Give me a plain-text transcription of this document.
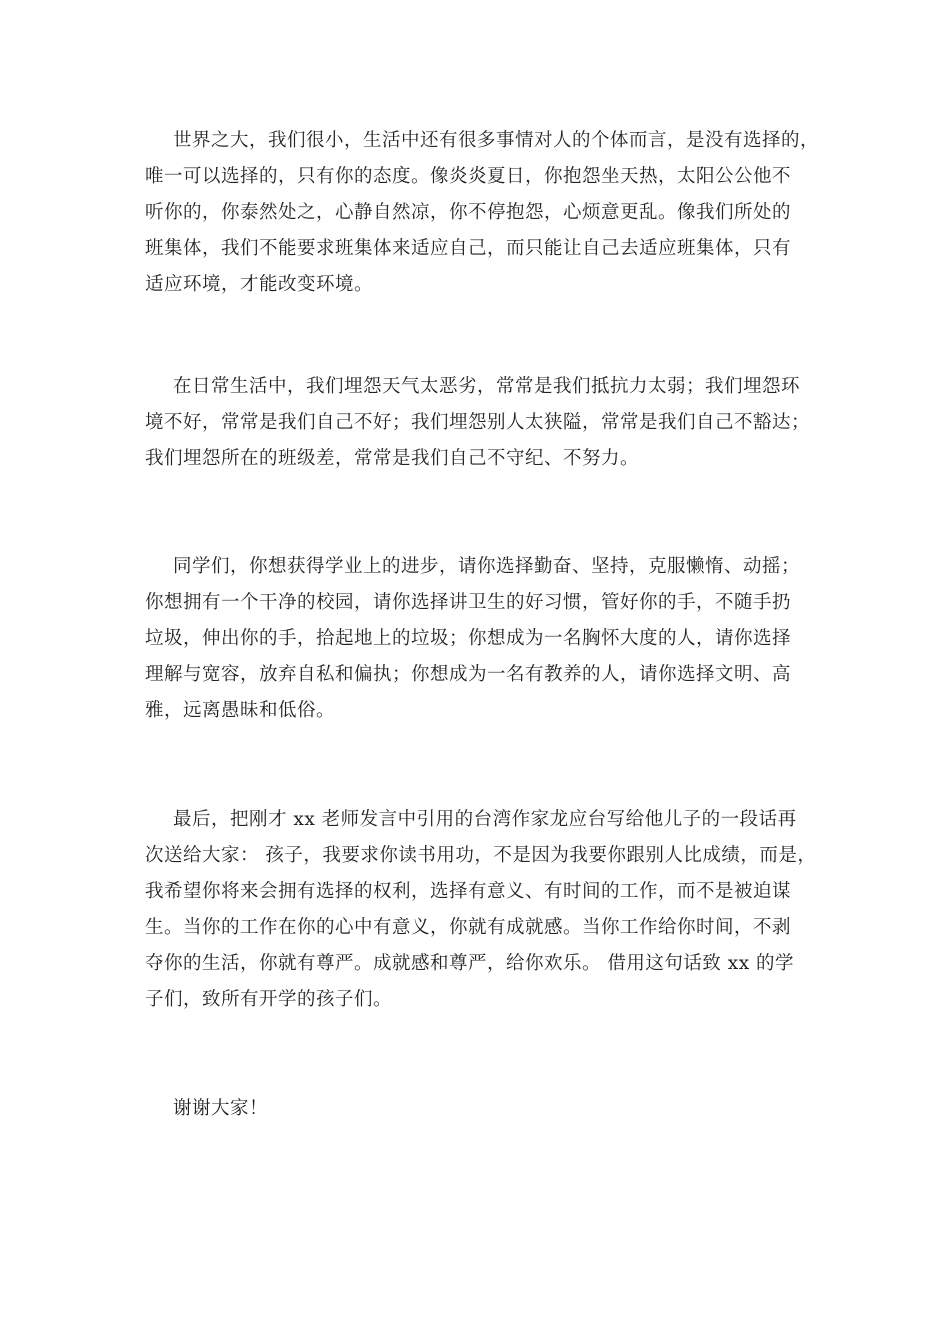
世界之大，我们很小，生活中还有很多事情对人的个体而言，是没有选择的，
唯一可以选择的，只有你的态度。像炎炎夏日，你抱怨坐天热，太阳公公他不
听你的，你泰然处之，心静自然凉，你不停抱怨，心烦意更乱。像我们所处的
班集体，我们不能要求班集体来适应自己，而只能让自己去适应班集体，只有
适应环境，才能改变环境。
在日常生活中，我们埋怨天气太恶劣，常常是我们抵抗力太弱；我们埋怨环
境不好，常常是我们自己不好；我们埋怨别人太狭隘，常常是我们自己不豁达；
我们埋怨所在的班级差，常常是我们自己不守纪、不努力。
同学们，你想获得学业上的进步，请你选择勤奋、坚持，克服懒惰、动摇；
你想拥有一个干净的校园，请你选择讲卫生的好习惯，管好你的手，不随手扔
垃圾，伸出你的手，拾起地上的垃圾；你想成为一名胸怀大度的人，请你选择
理解与宽容，放弃自私和偏执；你想成为一名有教养的人，请你选择文明、高
雅，远离愚昧和低俗。
最后，把刚才 xx 老师发言中引用的台湾作家龙应台写给他儿子的一段话再
次送给大家： 孩子，我要求你读书用功，不是因为我要你跟别人比成绩，而是，
我希望你将来会拥有选择的权利，选择有意义、有时间的工作，而不是被迫谋
生。当你的工作在你的心中有意义，你就有成就感。当你工作给你时间，不剥
夺你的生活，你就有尊严。成就感和尊严，给你欢乐。 借用这句话致 xx 的学
子们，致所有开学的孩子们。
谢谢大家！
